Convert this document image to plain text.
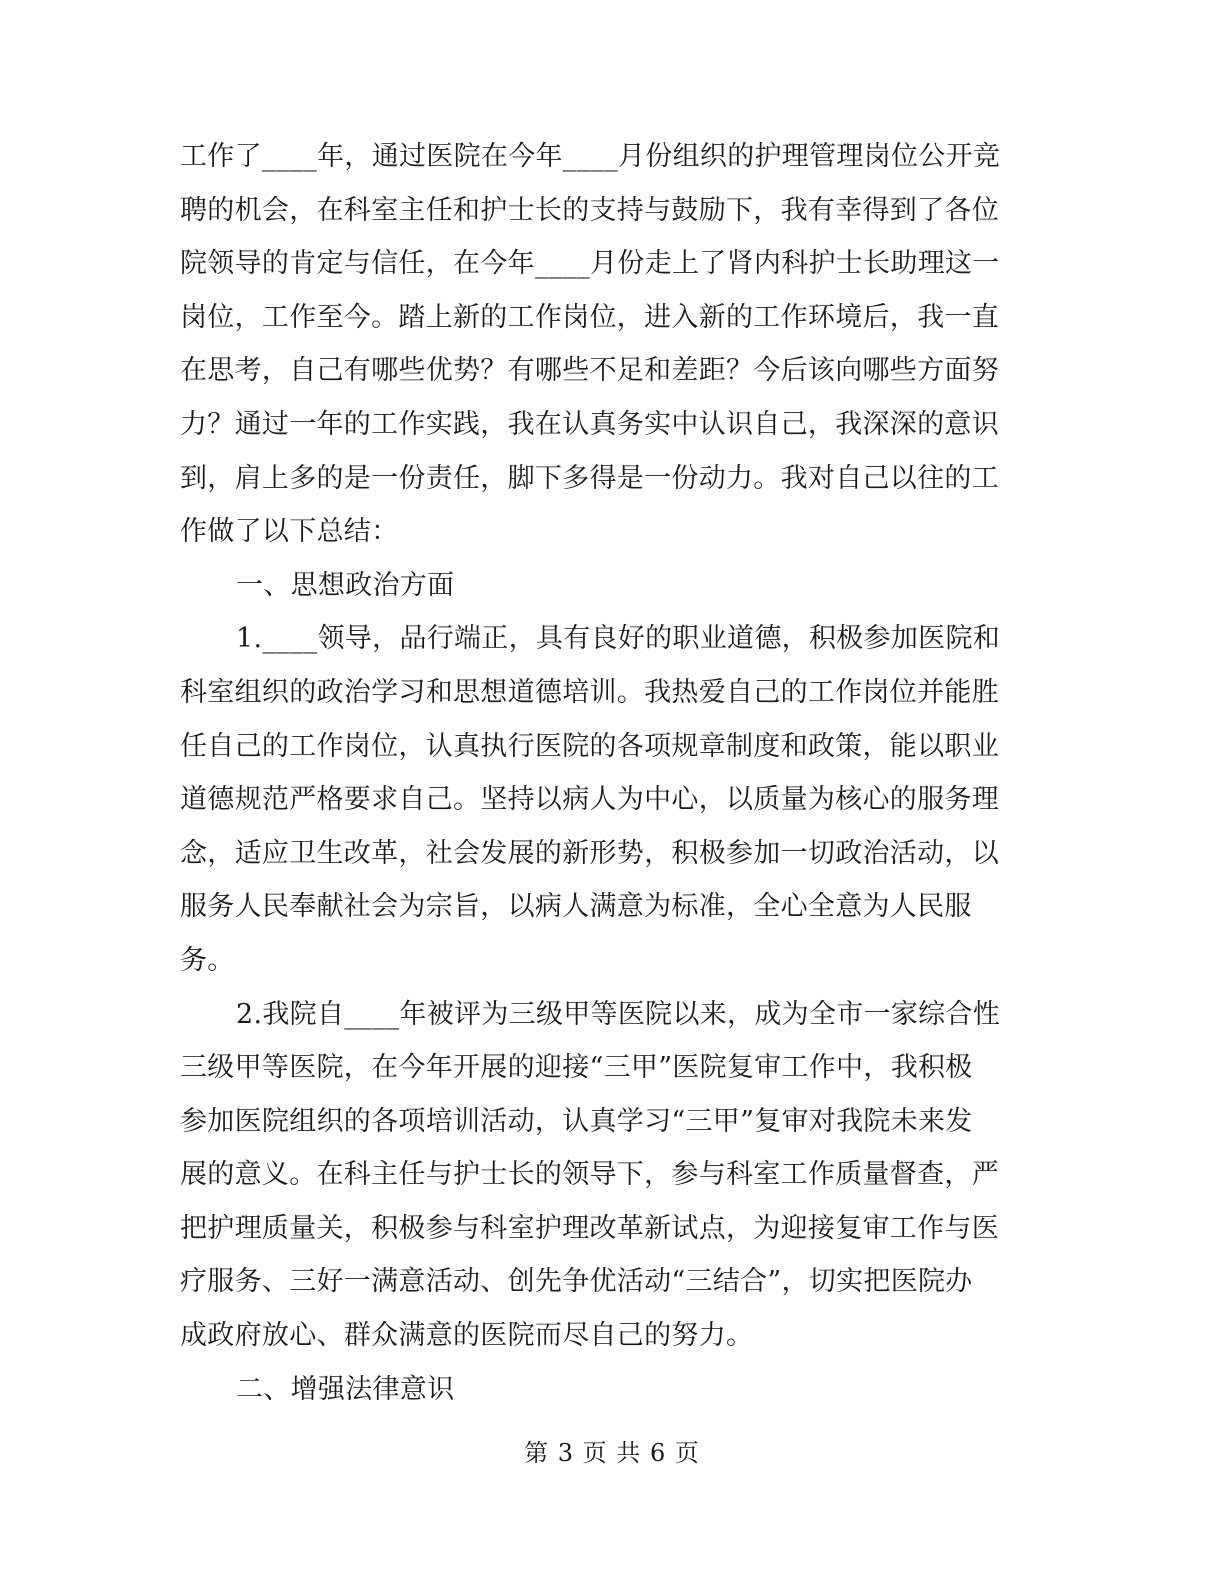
工作了____年，通过医院在今年____月份组织的护理管理岗位公开竞
聘的机会，在科室主任和护士长的支持与鼓励下，我有幸得到了各位
院领导的肯定与信任，在今年____月份走上了肾内科护士长助理这一
岗位，工作至今。踏上新的工作岗位，进入新的工作环境后，我一直
在思考，自己有哪些优势？有哪些不足和差距？今后该向哪些方面努
力？通过一年的工作实践，我在认真务实中认识自己，我深深的意识
到，肩上多的是一份责任，脚下多得是一份动力。我对自己以往的工
作做了以下总结：
一、思想政治方面
1.____领导，品行端正，具有良好的职业道德，积极参加医院和
科室组织的政治学习和思想道德培训。我热爱自己的工作岗位并能胜
任自己的工作岗位，认真执行医院的各项规章制度和政策，能以职业
道德规范严格要求自己。坚持以病人为中心，以质量为核心的服务理
念，适应卫生改革，社会发展的新形势，积极参加一切政治活动，以
服务人民奉献社会为宗旨，以病人满意为标准，全心全意为人民服
务。
2.我院自____年被评为三级甲等医院以来，成为全市一家综合性
三级甲等医院，在今年开展的迎接“三甲”医院复审工作中，我积极
参加医院组织的各项培训活动，认真学习“三甲”复审对我院未来发
展的意义。在科主任与护士长的领导下，参与科室工作质量督查，严
把护理质量关，积极参与科室护理改革新试点，为迎接复审工作与医
疗服务、三好一满意活动、创先争优活动“三结合”，切实把医院办
成政府放心、群众满意的医院而尽自己的努力。
二、增强法律意识
第 3 页 共 6 页
